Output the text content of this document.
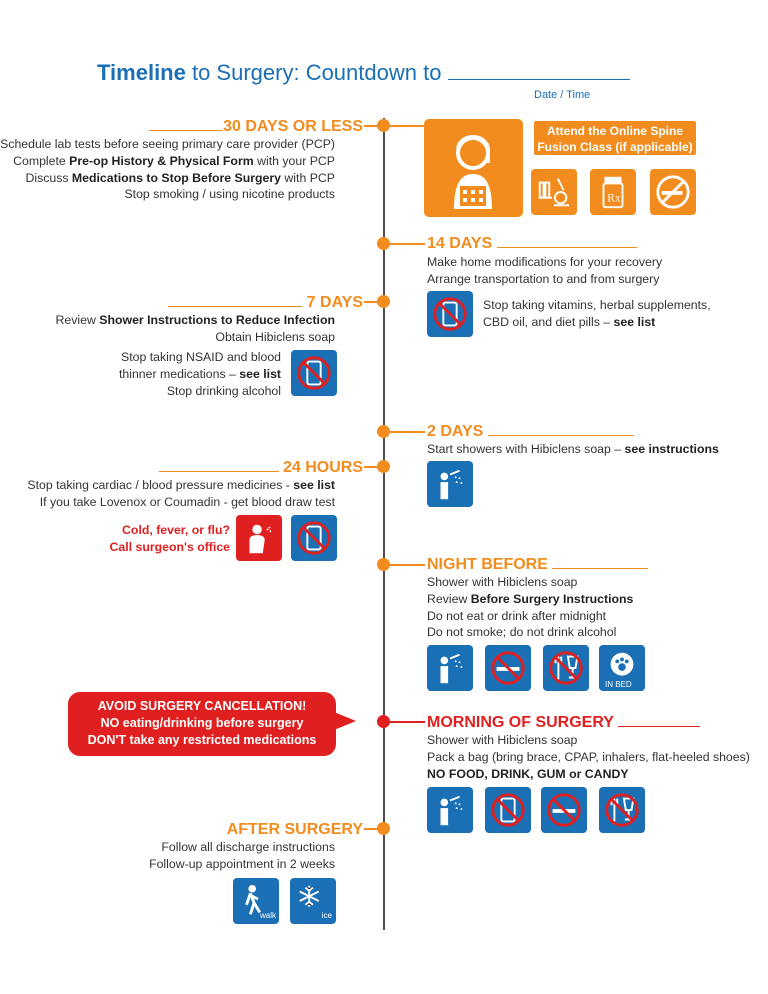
Timeline to Surgery: Countdown to
Date / Time
30 DAYS OR LESS
Schedule lab tests before seeing primary care provider (PCP)
Complete Pre-op History & Physical Form with your PCP
Discuss Medications to Stop Before Surgery with PCP
Stop smoking / using nicotine products
Attend the Online Spine Fusion Class (if applicable)
Rx
14 DAYS
Make home modifications for your recovery
Arrange transportation to and from surgery
Stop taking vitamins, herbal supplements,
CBD oil, and diet pills – see list
7 DAYS
Review Shower Instructions to Reduce Infection
Obtain Hibiclens soap
Stop taking NSAID and blood
thinner medications – see list
Stop drinking alcohol
2 DAYS
Start showers with Hibiclens soap – see instructions
24 HOURS
Stop taking cardiac / blood pressure medicines - see list
If you take Lovenox or Coumadin - get blood draw test
Cold, fever, or flu?
Call surgeon's office
NIGHT BEFORE
Shower with Hibiclens soap
Review Before Surgery Instructions
Do not eat or drink after midnight
Do not smoke; do not drink alcohol
IN BED
AVOID SURGERY CANCELLATION!
NO eating/drinking before surgery
DON'T take any restricted medications
MORNING OF SURGERY
Shower with Hibiclens soap
Pack a bag (bring brace, CPAP, inhalers, flat-heeled shoes)
NO FOOD, DRINK, GUM or CANDY
AFTER SURGERY
Follow all discharge instructions
Follow-up appointment in 2 weeks
walk	ice
